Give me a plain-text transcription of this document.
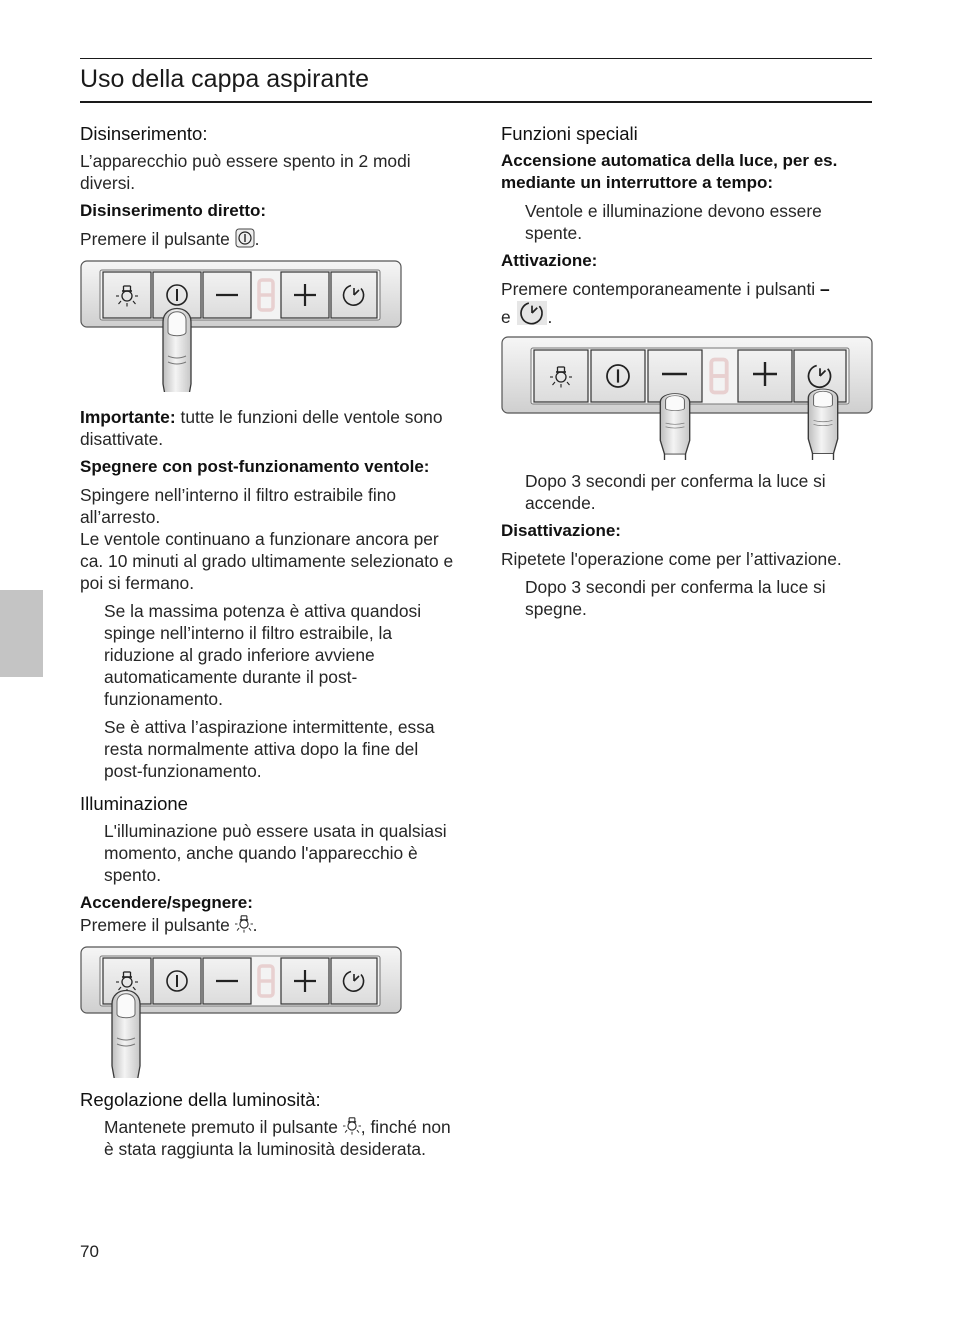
Uso della cappa aspirante
Disinserimento:

L’apparecchio può essere spento in 2 modi diversi.

Disinserimento diretto:

Premere il pulsante .

Importante: tutte le funzioni delle ventole sono disattivate.

Spegnere con post-funzionamento ventole:

Spingere nell’interno il filtro estraibile fino all’arresto.

Le ventole continuano a funzionare ancora per ca. 10 minuti al grado ultimamente selezionato e poi si fermano.

Se la massima potenza è attiva quandosi spinge nell’interno il filtro estraibile, la riduzione al grado inferiore avviene automaticamente durante il post-funzionamento.

Se è attiva l’aspirazione intermittente, essa resta normalmente attiva dopo la fine del post-funzionamento.

Illuminazione

L'illuminazione può essere usata in qualsiasi momento, anche quando l'apparecchio è spento.

Accendere/spegnere:

Premere il pulsante .

Regolazione della luminosità:

Mantenete premuto il pulsante , finché non è stata raggiunta la luminosità desiderata.

Funzioni speciali

Accensione automatica della luce, per es. mediante un interruttore a tempo:

Ventole e illuminazione devono essere spente.

Attivazione:

Premere contemporaneamente i pulsanti –
e .

Dopo 3 secondi per conferma la luce si accende.

Disattivazione:

Ripetete l'operazione come per l’attivazione.

Dopo 3 secondi per conferma la luce si spegne.

70
